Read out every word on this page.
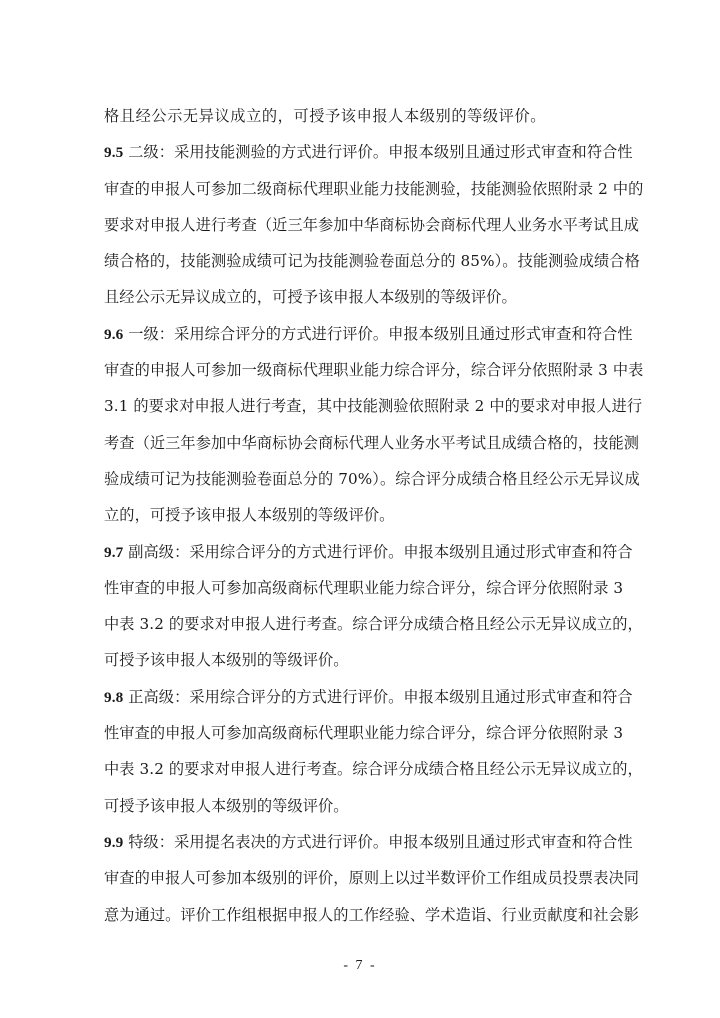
格且经公示无异议成立的，可授予该申报人本级别的等级评价。
9.5 二级：采用技能测验的方式进行评价。申报本级别且通过形式审查和符合性
审查的申报人可参加二级商标代理职业能力技能测验，技能测验依照附录 2 中的
要求对申报人进行考查（近三年参加中华商标协会商标代理人业务水平考试且成
绩合格的，技能测验成绩可记为技能测验卷面总分的 85%）。技能测验成绩合格
且经公示无异议成立的，可授予该申报人本级别的等级评价。
9.6 一级：采用综合评分的方式进行评价。申报本级别且通过形式审查和符合性
审查的申报人可参加一级商标代理职业能力综合评分，综合评分依照附录 3 中表
3.1 的要求对申报人进行考查，其中技能测验依照附录 2 中的要求对申报人进行
考查（近三年参加中华商标协会商标代理人业务水平考试且成绩合格的，技能测
验成绩可记为技能测验卷面总分的 70%）。综合评分成绩合格且经公示无异议成
立的，可授予该申报人本级别的等级评价。
9.7 副高级：采用综合评分的方式进行评价。申报本级别且通过形式审查和符合
性审查的申报人可参加高级商标代理职业能力综合评分，综合评分依照附录 3
中表 3.2 的要求对申报人进行考查。综合评分成绩合格且经公示无异议成立的，
可授予该申报人本级别的等级评价。
9.8 正高级：采用综合评分的方式进行评价。申报本级别且通过形式审查和符合
性审查的申报人可参加高级商标代理职业能力综合评分，综合评分依照附录 3
中表 3.2 的要求对申报人进行考查。综合评分成绩合格且经公示无异议成立的，
可授予该申报人本级别的等级评价。
9.9 特级：采用提名表决的方式进行评价。申报本级别且通过形式审查和符合性
审查的申报人可参加本级别的评价，原则上以过半数评价工作组成员投票表决同
意为通过。评价工作组根据申报人的工作经验、学术造诣、行业贡献度和社会影
- 7 -
